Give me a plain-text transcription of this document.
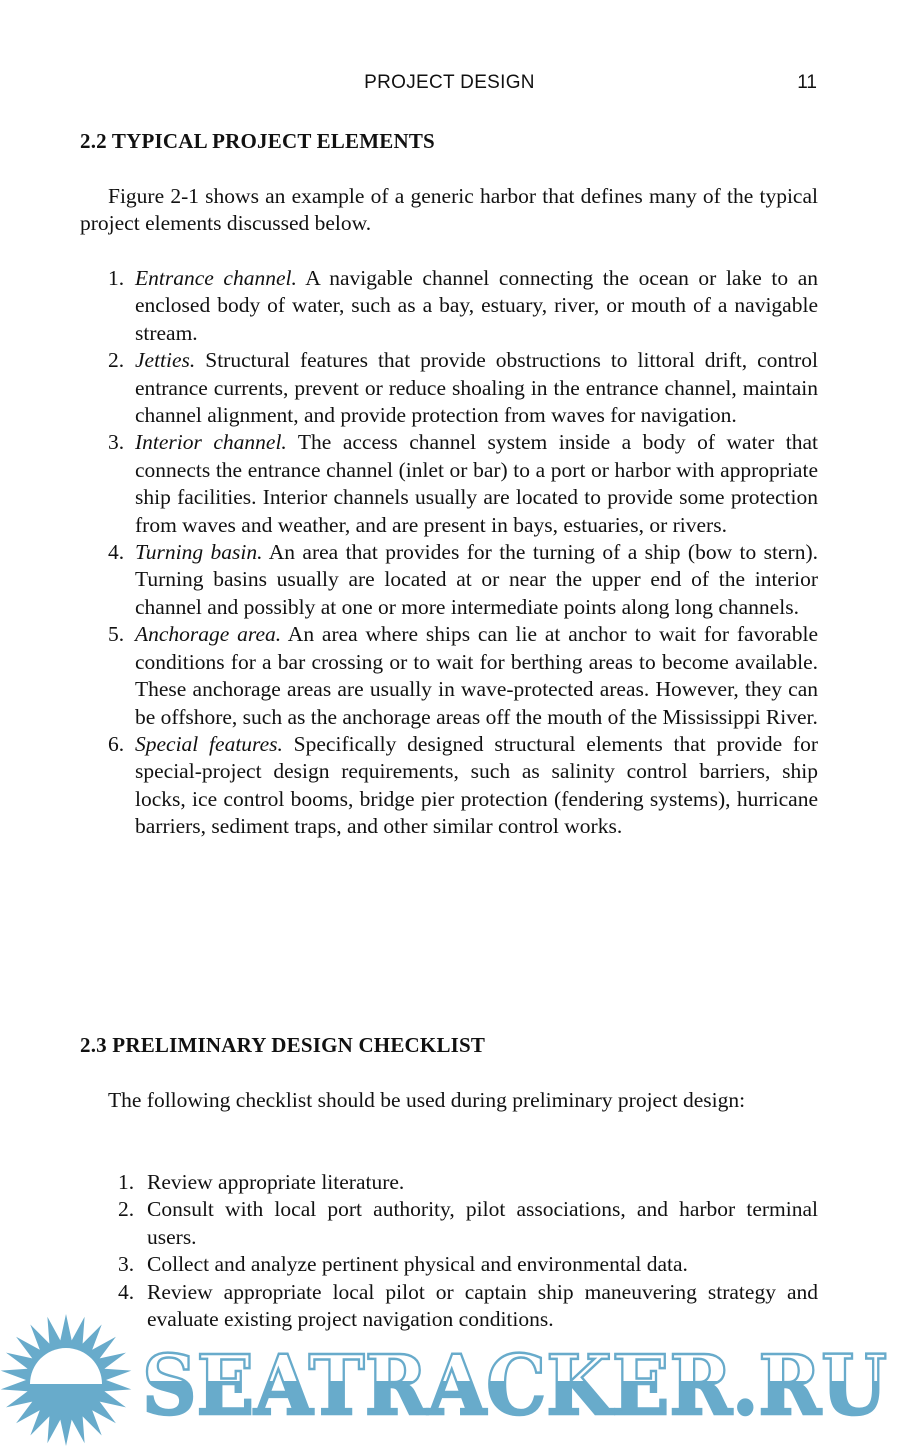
PROJECT DESIGN	11
2.2 TYPICAL PROJECT ELEMENTS
Figure 2-1 shows an example of a generic harbor that defines many of the typical project elements discussed below.
1. Entrance channel. A navigable channel connecting the ocean or lake to an enclosed body of water, such as a bay, estuary, river, or mouth of a navigable stream.
2. Jetties. Structural features that provide obstructions to littoral drift, control entrance currents, prevent or reduce shoaling in the entrance channel, maintain channel alignment, and provide protection from waves for navigation.
3. Interior channel. The access channel system inside a body of water that connects the entrance channel (inlet or bar) to a port or harbor with appropriate ship facilities. Interior channels usually are located to provide some protection from waves and weather, and are present in bays, estuaries, or rivers.
4. Turning basin. An area that provides for the turning of a ship (bow to stern). Turning basins usually are located at or near the upper end of the interior channel and possibly at one or more intermediate points along long channels.
5. Anchorage area. An area where ships can lie at anchor to wait for favorable conditions for a bar crossing or to wait for berthing areas to become available. These anchorage areas are usually in wave-protected areas. However, they can be offshore, such as the anchorage areas off the mouth of the Mississippi River.
6. Special features. Specifically designed structural elements that provide for special-project design requirements, such as salinity control barriers, ship locks, ice control booms, bridge pier protection (fendering systems), hurricane barriers, sediment traps, and other similar control works.
2.3 PRELIMINARY DESIGN CHECKLIST
The following checklist should be used during preliminary project design:
1. Review appropriate literature.
2. Consult with local port authority, pilot associations, and harbor terminal users.
3. Collect and analyze pertinent physical and environmental data.
4. Review appropriate local pilot or captain ship maneuvering strategy and evaluate existing project navigation conditions.
SEATRACKER.RU
